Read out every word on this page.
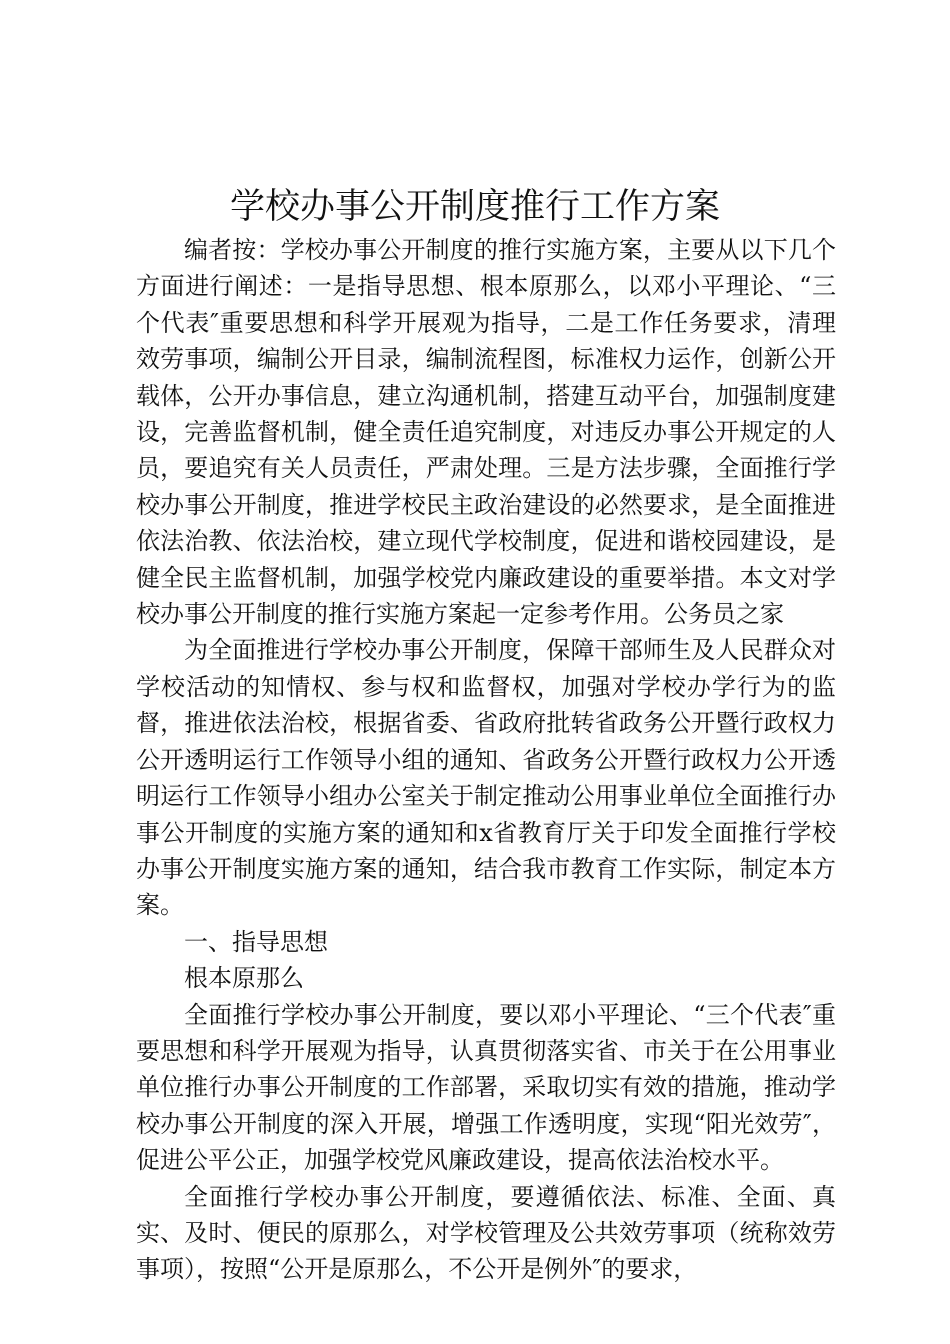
学校办事公开制度推行工作方案

编者按：学校办事公开制度的推行实施方案，主要从以下几个方面进行阐述：一是指导思想、根本原那么，以邓小平理论、“三个代表″重要思想和科学开展观为指导，二是工作任务要求，清理效劳事项，编制公开目录，编制流程图，标准权力运作，创新公开载体，公开办事信息，建立沟通机制，搭建互动平台，加强制度建设，完善监督机制，健全责任追究制度，对违反办事公开规定的人员，要追究有关人员责任，严肃处理。三是方法步骤，全面推行学校办事公开制度，推进学校民主政治建设的必然要求，是全面推进依法治教、依法治校，建立现代学校制度，促进和谐校园建设，是健全民主监督机制，加强学校党内廉政建设的重要举措。本文对学校办事公开制度的推行实施方案起一定参考作用。公务员之家

为全面推进行学校办事公开制度，保障干部师生及人民群众对学校活动的知情权、参与权和监督权，加强对学校办学行为的监督，推进依法治校，根据省委、省政府批转省政务公开暨行政权力公开透明运行工作领导小组的通知、省政务公开暨行政权力公开透明运行工作领导小组办公室关于制定推动公用事业单位全面推行办事公开制度的实施方案的通知和x省教育厅关于印发全面推行学校办事公开制度实施方案的通知，结合我市教育工作实际，制定本方案。

一、指导思想

根本原那么

全面推行学校办事公开制度，要以邓小平理论、“三个代表″重要思想和科学开展观为指导，认真贯彻落实省、市关于在公用事业单位推行办事公开制度的工作部署，采取切实有效的措施，推动学校办事公开制度的深入开展，增强工作透明度，实现“阳光效劳″，促进公平公正，加强学校党风廉政建设，提高依法治校水平。

全面推行学校办事公开制度，要遵循依法、标准、全面、真实、及时、便民的原那么，对学校管理及公共效劳事项（统称效劳事项），按照“公开是原那么，不公开是例外″的要求，
